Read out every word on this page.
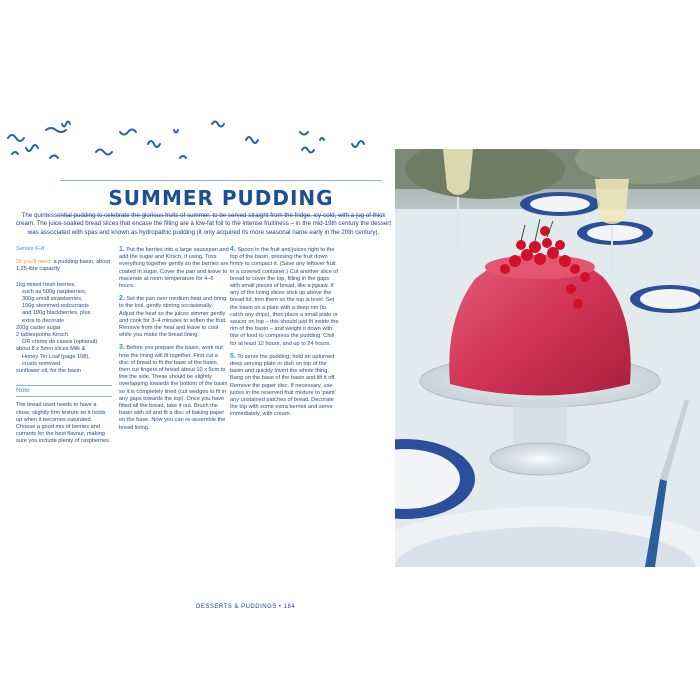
SUMMER PUDDING
The quintessential pudding to celebrate the glorious fruits of summer, to be served straight from the fridge, icy-cold, with a jug of thick cream. The juice-soaked bread slices that encase the filling are a low-fat foil to the intense fruitiness – in the mid-19th century the dessert was associated with spas and known as hydropathic pudding (it only acquired its more seasonal name early in the 20th century).
Serves 6–8
Or you'll need: a pudding basin, about 1.25-litre capacity
1kg mixed fresh berries,
such as 500g raspberries,
300g small strawberries,
100g stemmed redcurrants
and 100g blackberries, plus
extra to decorate
200g caster sugar
2 tablespoons Kirsch
OR crème de cassis (optional)
about 8 x 5mm slices Milk &
Honey Tin Loaf (page 108),
crusts removed
sunflower oil, for the basin
Note
The bread used needs to have a close, slightly firm texture so it holds up when it becomes saturated. Choose a good mix of berries and currants for the best flavour, making sure you include plenty of raspberries.
1. Put the berries into a large saucepan and add the sugar and Kirsch, if using. Toss everything together gently so the berries are coated in sugar. Cover the pan and leave to macerate at room temperature for 4–6 hours.
2. Set the pan over medium heat and bring to the boil, gently stirring occasionally. Adjust the heat so the juices simmer gently and cook for 3–4 minutes to soften the fruit. Remove from the heat and leave to cool while you make the bread lining.
3. Before you prepare the basin, work out how the lining will fit together. First cut a disc of bread to fit the base of the basin, then cut fingers of bread about 10 x 5cm to line the side. These should be slightly overlapping towards the bottom of the basin so it is completely lined (cut wedges to fit in any gaps towards the top). Once you have fitted all the bread, take it out. Brush the basin with oil and fit a disc of baking paper on the base. Now you can re-assemble the bread lining.
4. Spoon in the fruit and juices right to the top of the basin, pressing the fruit down firmly to compact it. (Save any leftover fruit in a covered container.) Cut another slice of bread to cover the top, filling in the gaps with small pieces of bread, like a jigsaw. If any of the lining slices stick up above the bread lid, trim them so the top is level. Set the basin on a plate with a deep rim (to catch any drips), then place a small plate or saucer on top – this should just fit inside the rim of the basin – and weight it down with tins of food to compress the pudding. Chill for at least 12 hours, and up to 24 hours.
5. To serve the pudding, hold an upturned deep serving plate or dish on top of the basin and quickly invert the whole thing. Bang on the base of the basin and lift it off. Remove the paper disc. If necessary, use juices in the reserved fruit mixture to 'paint' any unstained patches of bread. Decorate the top with some extra berries and serve immediately, with cream.
DESSERTS & PUDDINGS • 184
